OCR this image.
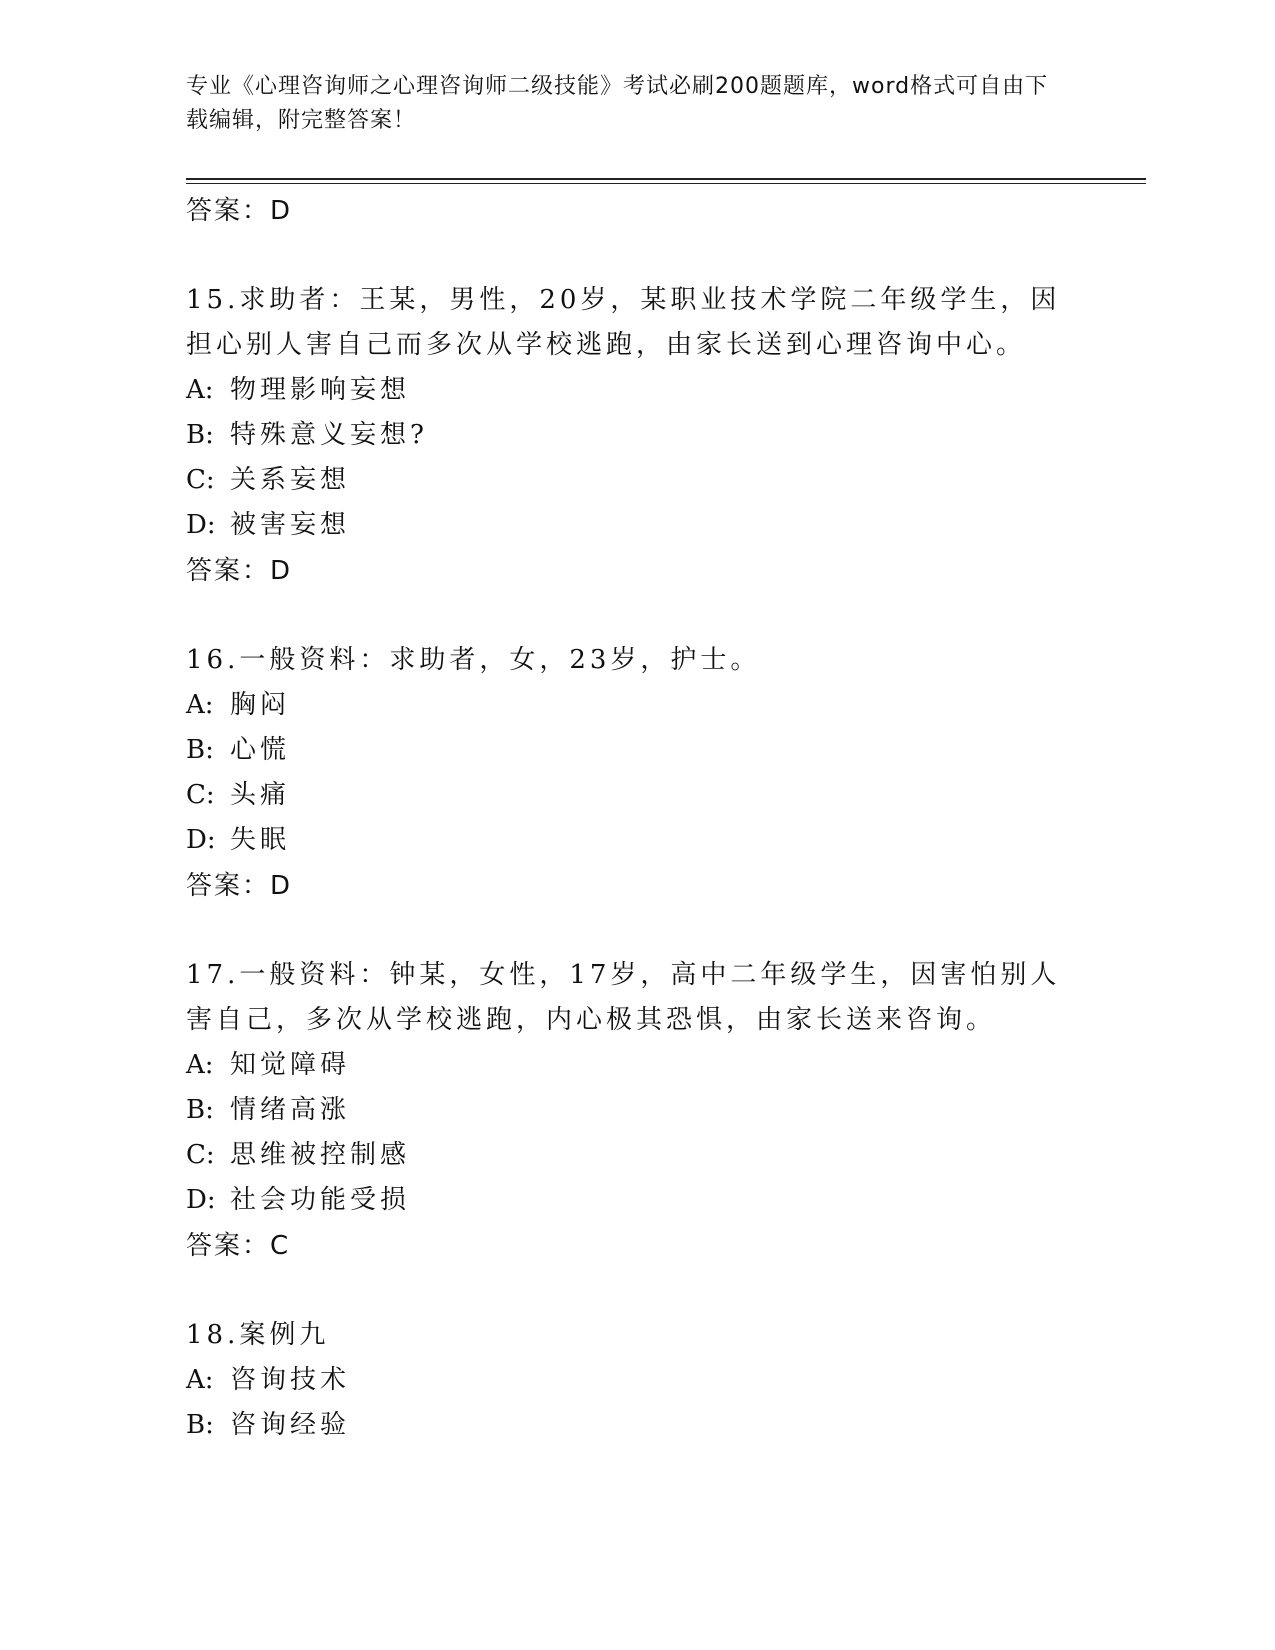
专业《心理咨询师之心理咨询师二级技能》考试必刷200题题库，word格式可自由下载编辑，附完整答案！
答案：D
15.求助者：王某，男性，20岁，某职业技术学院二年级学生，因担心别人害自己而多次从学校逃跑，由家长送到心理咨询中心。
A: 物理影响妄想
B: 特殊意义妄想?
C: 关系妄想
D: 被害妄想
答案：D
16.一般资料：求助者，女，23岁，护士。
A: 胸闷
B: 心慌
C: 头痛
D: 失眠
答案：D
17.一般资料：钟某，女性，17岁，高中二年级学生，因害怕别人害自己，多次从学校逃跑，内心极其恐惧，由家长送来咨询。
A: 知觉障碍
B: 情绪高涨
C: 思维被控制感
D: 社会功能受损
答案：C
18.案例九
A: 咨询技术
B: 咨询经验
